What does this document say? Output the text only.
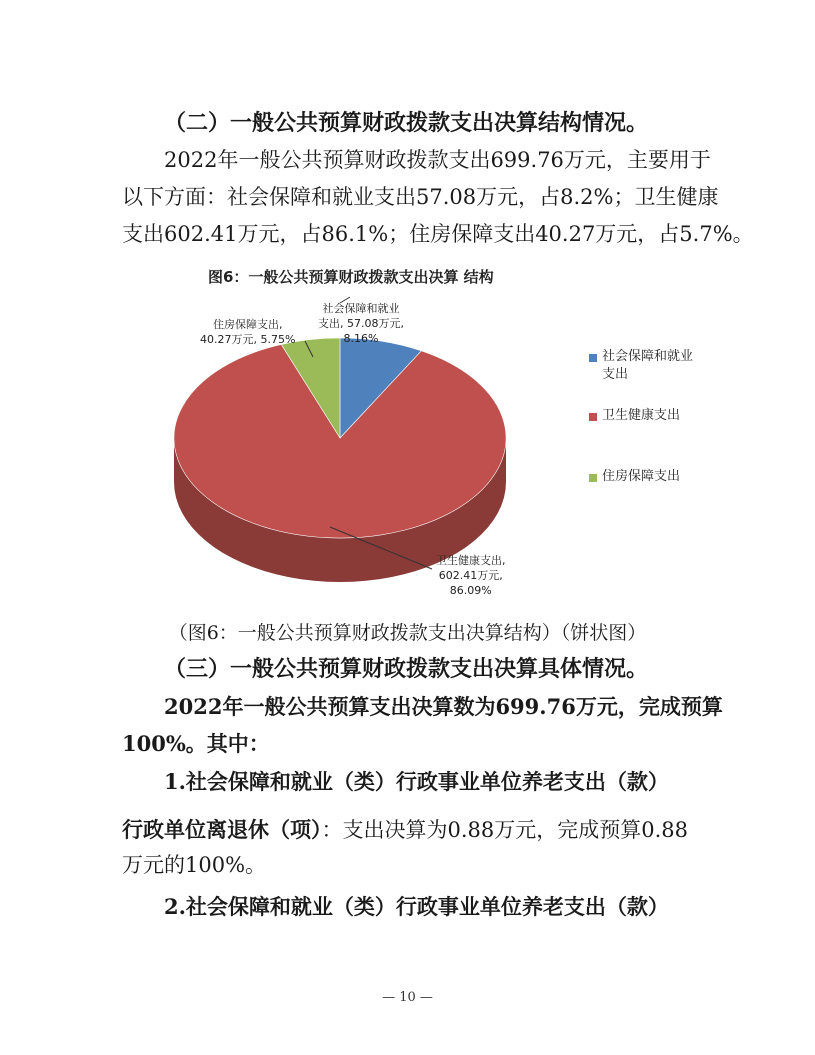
（二）一般公共预算财政拨款支出决算结构情况。
2022年一般公共预算财政拨款支出699.76万元，主要用于
以下方面：社会保障和就业支出57.08万元，占8.2%；卫生健康
支出602.41万元，占86.1%；住房保障支出40.27万元，占5.7%。
图6：一般公共预算财政拨款支出决算 结构
社会保障和就业
支出, 57.08万元,
8.16%
住房保障支出,
40.27万元, 5.75%
卫生健康支出,
602.41万元,
86.09%
社会保障和就业
支出
卫生健康支出
住房保障支出
（图6：一般公共预算财政拨款支出决算结构）（饼状图）
（三）一般公共预算财政拨款支出决算具体情况。
2022年一般公共预算支出决算数为699.76万元，完成预算
100%。其中：
1.社会保障和就业（类）行政事业单位养老支出（款）
行政单位离退休（项）：支出决算为0.88万元，完成预算0.88
万元的100%。
2.社会保障和就业（类）行政事业单位养老支出（款）
— 10 —
